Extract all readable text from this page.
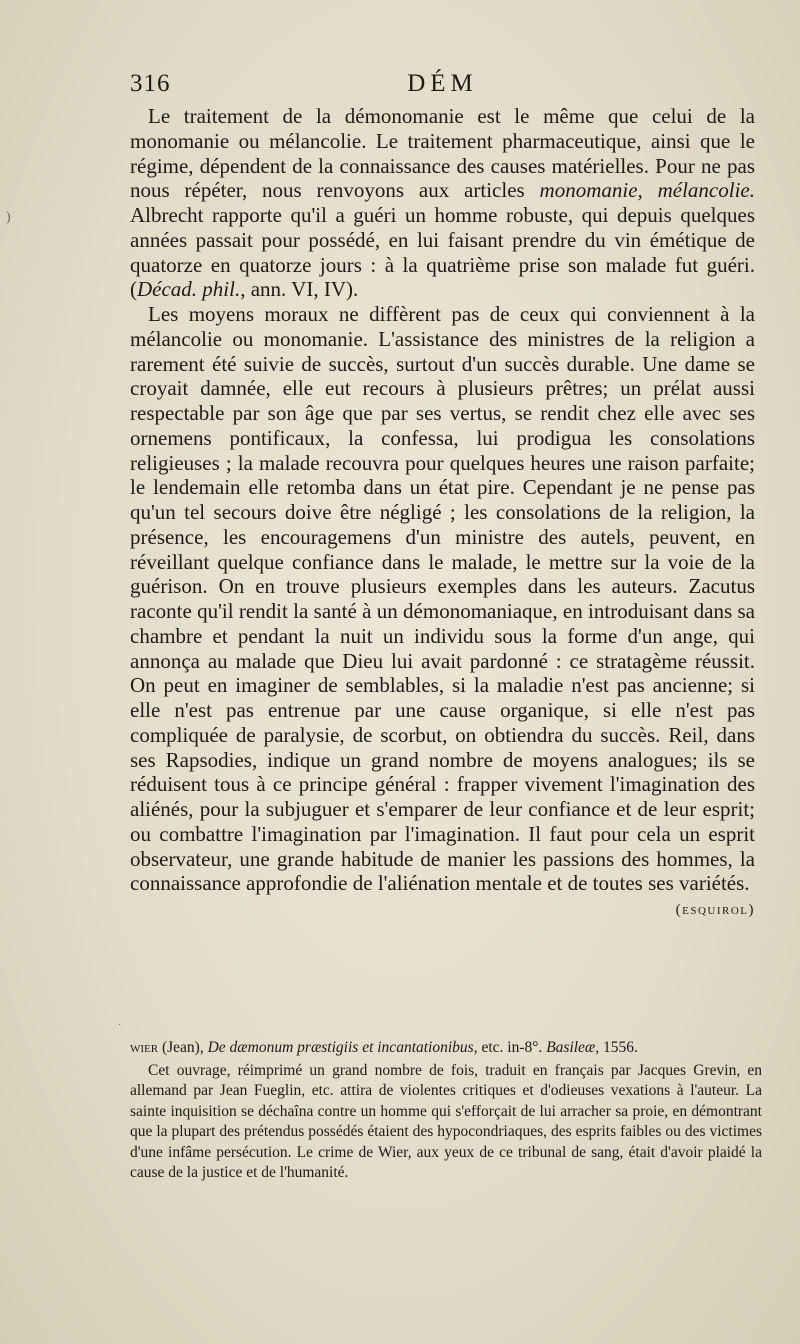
316	DÉM

Le traitement de la démonomanie est le même que celui de la monomanie ou mélancolie. Le traitement pharmaceutique, ainsi que le régime, dépendent de la connaissance des causes matérielles. Pour ne pas nous répéter, nous renvoyons aux articles monomanie, mélancolie. Albrecht rapporte qu'il a guéri un homme robuste, qui depuis quelques années passait pour possédé, en lui faisant prendre du vin émétique de quatorze en quatorze jours : à la quatrième prise son malade fut guéri. (Décad. phil., ann. VI, IV).

Les moyens moraux ne diffèrent pas de ceux qui conviennent à la mélancolie ou monomanie. L'assistance des ministres de la religion a rarement été suivie de succès, surtout d'un succès durable. Une dame se croyait damnée, elle eut recours à plusieurs prêtres; un prélat aussi respectable par son âge que par ses vertus, se rendit chez elle avec ses ornemens pontificaux, la confessa, lui prodigua les consolations religieuses ; la malade recouvra pour quelques heures une raison parfaite; le lendemain elle retomba dans un état pire. Cependant je ne pense pas qu'un tel secours doive être négligé ; les consolations de la religion, la présence, les encouragemens d'un ministre des autels, peuvent, en réveillant quelque confiance dans le malade, le mettre sur la voie de la guérison. On en trouve plusieurs exemples dans les auteurs. Zacutus raconte qu'il rendit la santé à un démonomaniaque, en introduisant dans sa chambre et pendant la nuit un individu sous la forme d'un ange, qui annonça au malade que Dieu lui avait pardonné : ce stratagème réussit. On peut en imaginer de semblables, si la maladie n'est pas ancienne; si elle n'est pas entrenue par une cause organique, si elle n'est pas compliquée de paralysie, de scorbut, on obtiendra du succès. Reil, dans ses Rapsodies, indique un grand nombre de moyens analogues; ils se réduisent tous à ce principe général : frapper vivement l'imagination des aliénés, pour la subjuguer et s'emparer de leur confiance et de leur esprit; ou combattre l'imagination par l'imagination. Il faut pour cela un esprit observateur, une grande habitude de manier les passions des hommes, la connaissance approfondie de l'aliénation mentale et de toutes ses variétés.
(esquirol)

wier (Jean), De dæmonum præstigiis et incantationibus, etc. in-8°. Basileæ, 1556.

Cet ouvrage, réimprimé un grand nombre de fois, traduit en français par Jacques Grevin, en allemand par Jean Fueglin, etc. attira de violentes critiques et d'odieuses vexations à l'auteur. La sainte inquisition se déchaîna contre un homme qui s'efforçait de lui arracher sa proie, en démontrant que la plupart des prétendus possédés étaient des hypocondriaques, des esprits faibles ou des victimes d'une infâme persécution. Le crime de Wier, aux yeux de ce tribunal de sang, était d'avoir plaidé la cause de la justice et de l'humanité.

)
·
